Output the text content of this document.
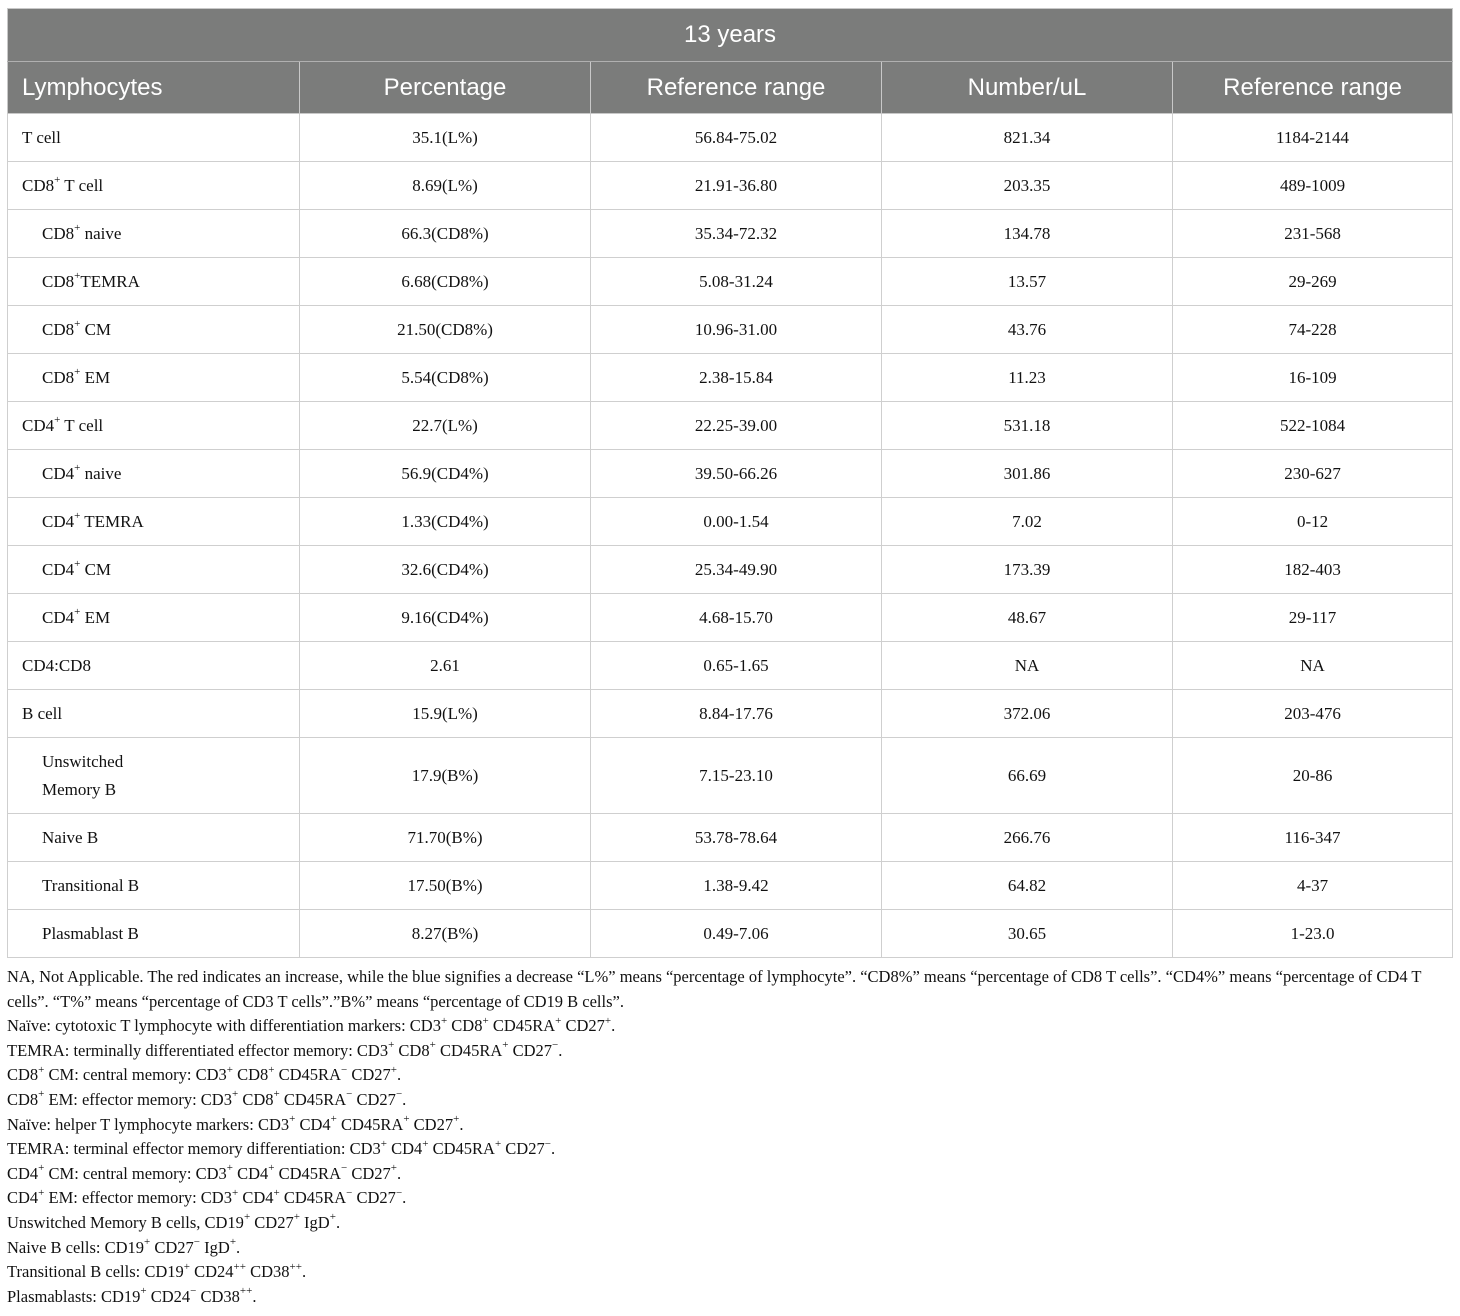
13 years				
Lymphocytes	Percentage	Reference range	Number/uL	Reference range
T cell	35.1(L%)	56.84-75.02	821.34	1184-2144
CD8+ T cell	8.69(L%)	21.91-36.80	203.35	489-1009
CD8+ naive	66.3(CD8%)	35.34-72.32	134.78	231-568
CD8+TEMRA	6.68(CD8%)	5.08-31.24	13.57	29-269
CD8+ CM	21.50(CD8%)	10.96-31.00	43.76	74-228
CD8+ EM	5.54(CD8%)	2.38-15.84	11.23	16-109
CD4+ T cell	22.7(L%)	22.25-39.00	531.18	522-1084
CD4+ naive	56.9(CD4%)	39.50-66.26	301.86	230-627
CD4+ TEMRA	1.33(CD4%)	0.00-1.54	7.02	0-12
CD4+ CM	32.6(CD4%)	25.34-49.90	173.39	182-403
CD4+ EM	9.16(CD4%)	4.68-15.70	48.67	29-117
CD4:CD8	2.61	0.65-1.65	NA	NA
B cell	15.9(L%)	8.84-17.76	372.06	203-476
Unswitched
Memory B	17.9(B%)	7.15-23.10	66.69	20-86
Naive B	71.70(B%)	53.78-78.64	266.76	116-347
Transitional B	17.50(B%)	1.38-9.42	64.82	4-37
Plasmablast B	8.27(B%)	0.49-7.06	30.65	1-23.0

NA, Not Applicable. The red indicates an increase, while the blue signifies a decrease “L%” means “percentage of lymphocyte”. “CD8%” means “percentage of CD8 T cells”. “CD4%” means “percentage of CD4 T cells”. “T%” means “percentage of CD3 T cells”.”B%” means “percentage of CD19 B cells”.

Naïve: cytotoxic T lymphocyte with differentiation markers: CD3+ CD8+ CD45RA+ CD27+.

TEMRA: terminally differentiated effector memory: CD3+ CD8+ CD45RA+ CD27−.

CD8+ CM: central memory: CD3+ CD8+ CD45RA− CD27+.

CD8+ EM: effector memory: CD3+ CD8+ CD45RA− CD27−.

Naïve: helper T lymphocyte markers: CD3+ CD4+ CD45RA+ CD27+.

TEMRA: terminal effector memory differentiation: CD3+ CD4+ CD45RA+ CD27−.

CD4+ CM: central memory: CD3+ CD4+ CD45RA− CD27+.

CD4+ EM: effector memory: CD3+ CD4+ CD45RA− CD27−.

Unswitched Memory B cells, CD19+ CD27+ IgD+.

Naive B cells: CD19+ CD27− IgD+.

Transitional B cells: CD19+ CD24++ CD38++.

Plasmablasts: CD19+ CD24− CD38++.
